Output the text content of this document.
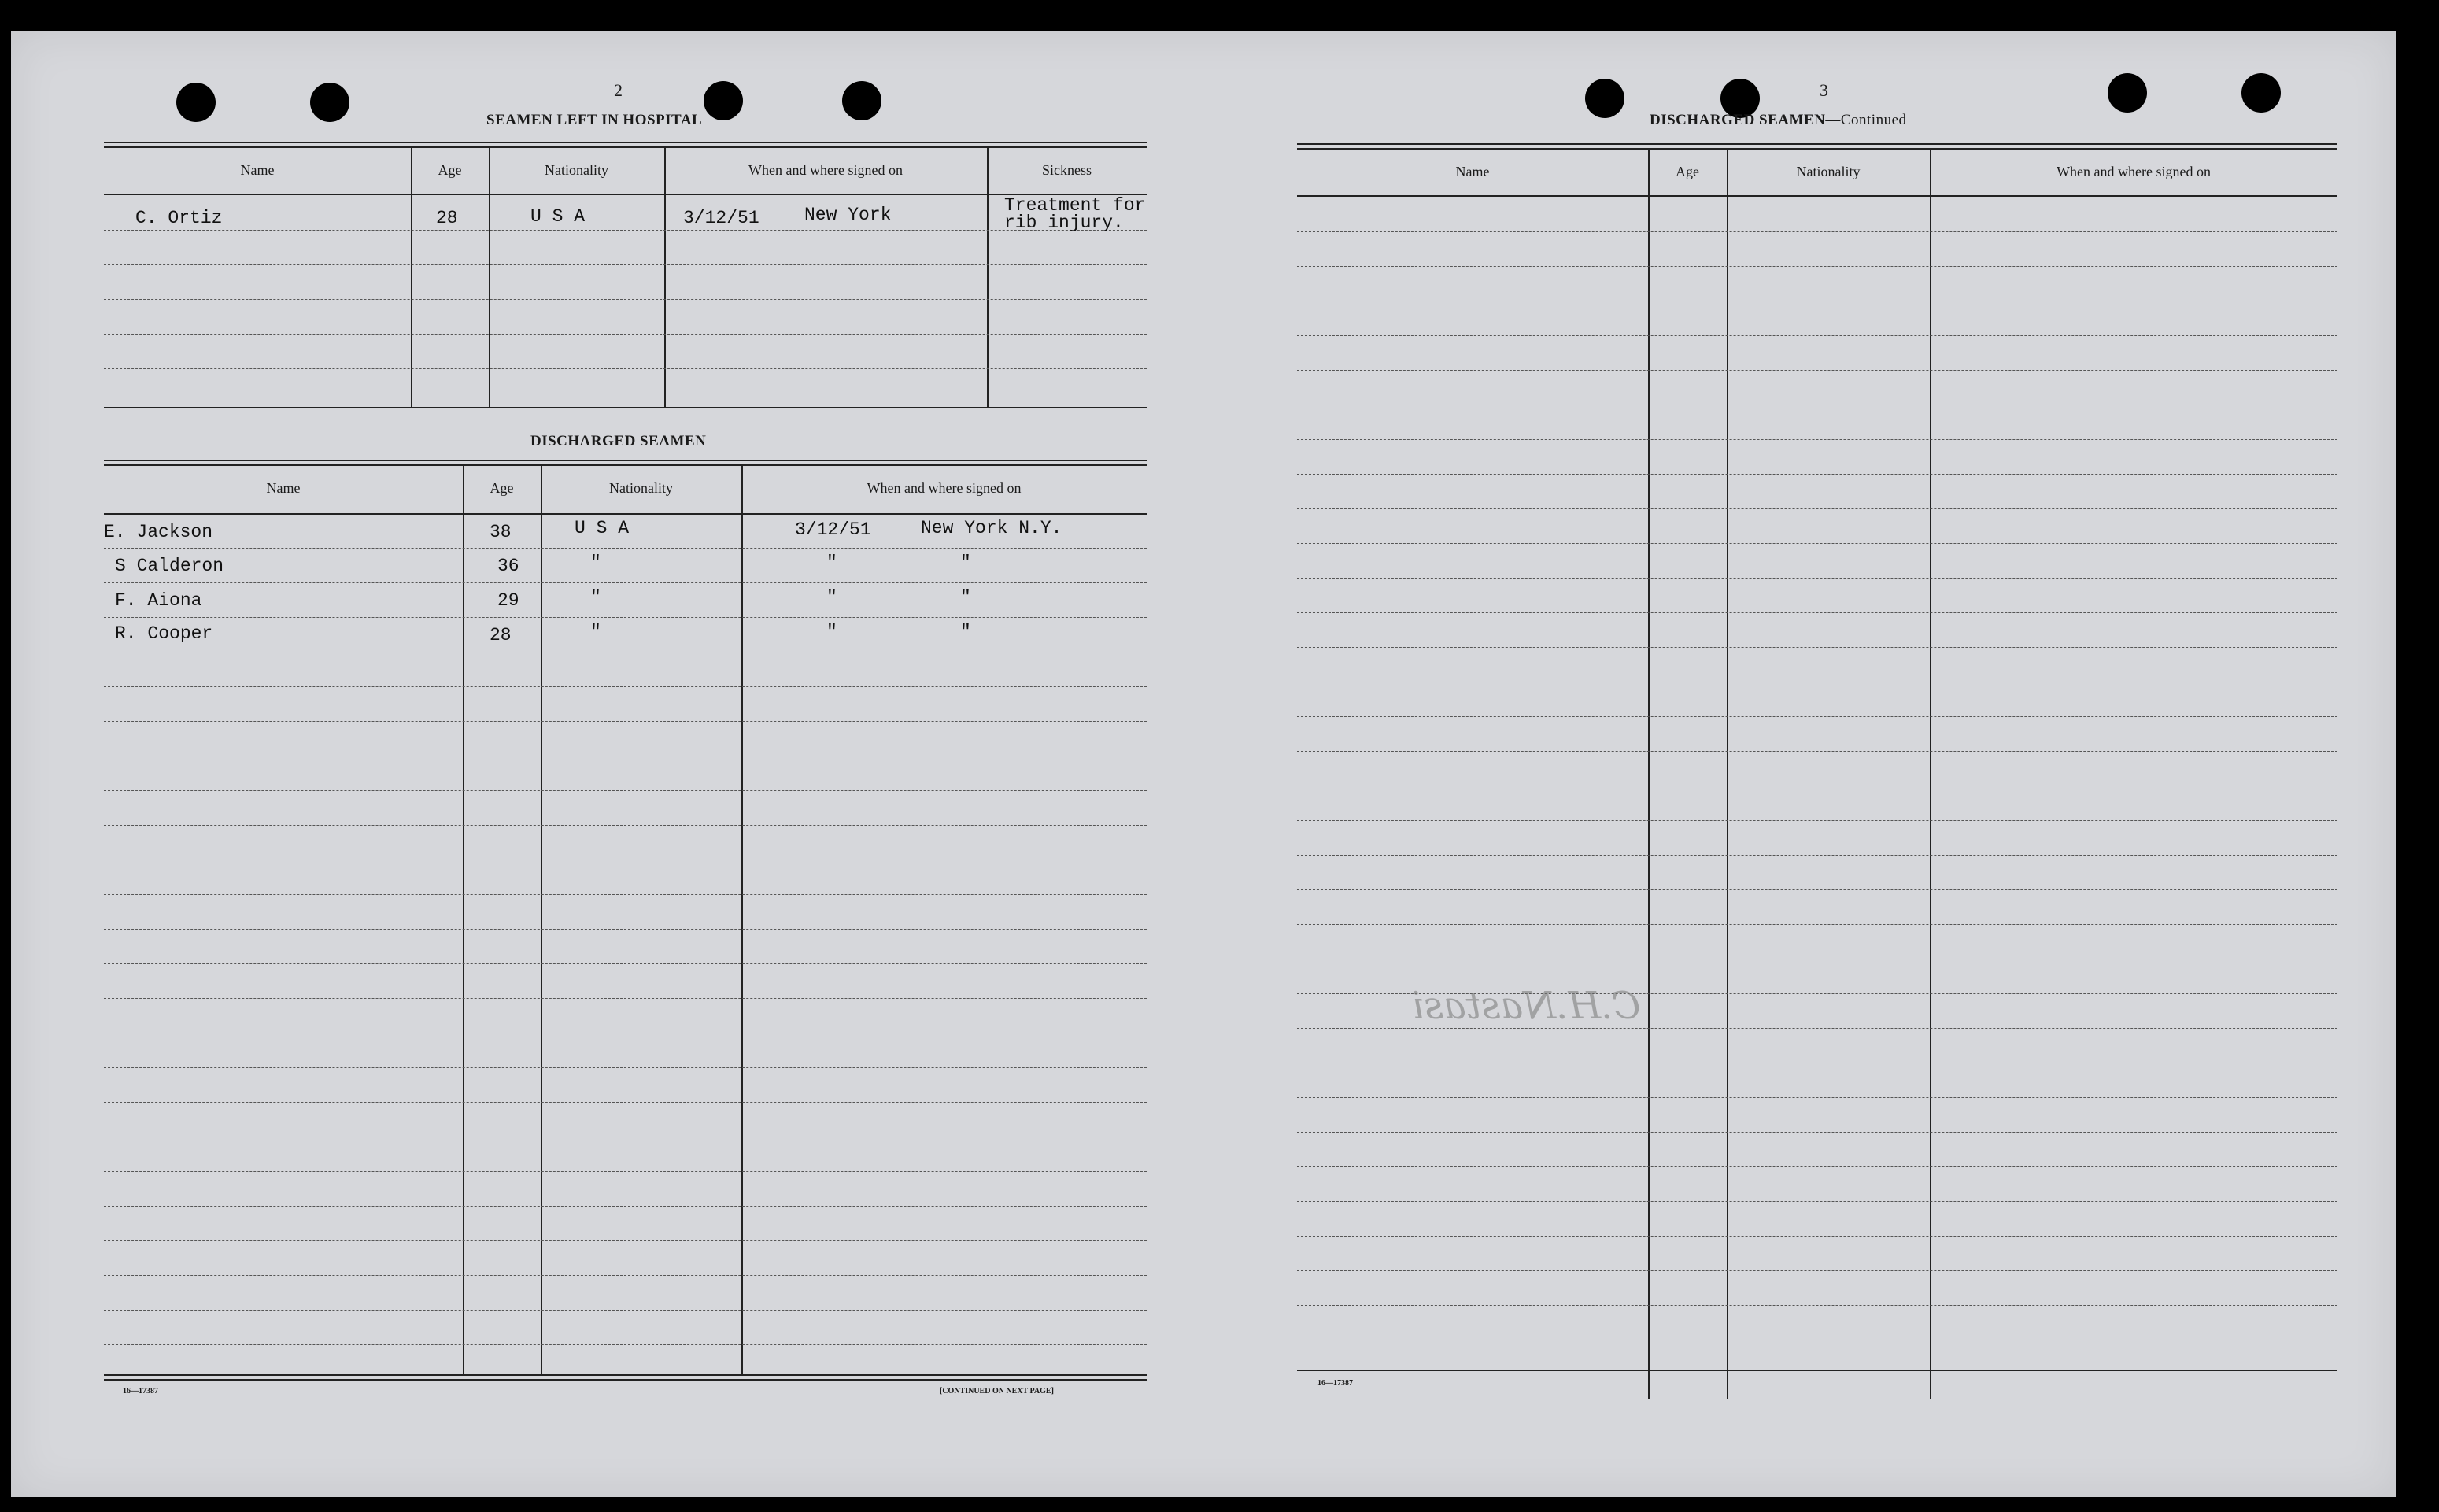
2
SEAMEN LEFT IN HOSPITAL
Name	Age	Nationality	When and where signed on	Sickness
C. Ortiz	28	U S A	3/12/51 New York	Treatment for
rib injury.
DISCHARGED SEAMEN
Name	Age	Nationality	When and where signed on
E. Jackson	38	U S A	3/12/51	New York N.Y.
S Calderon	36	"	"	"
F. Aiona	29	"	"	"
R. Cooper	28	"	"	"
16—17387	[CONTINUED ON NEXT PAGE]
3
DISCHARGED SEAMEN—Continued
Name	Age	Nationality	When and where signed on
C.H.Nastasi
16—17387
